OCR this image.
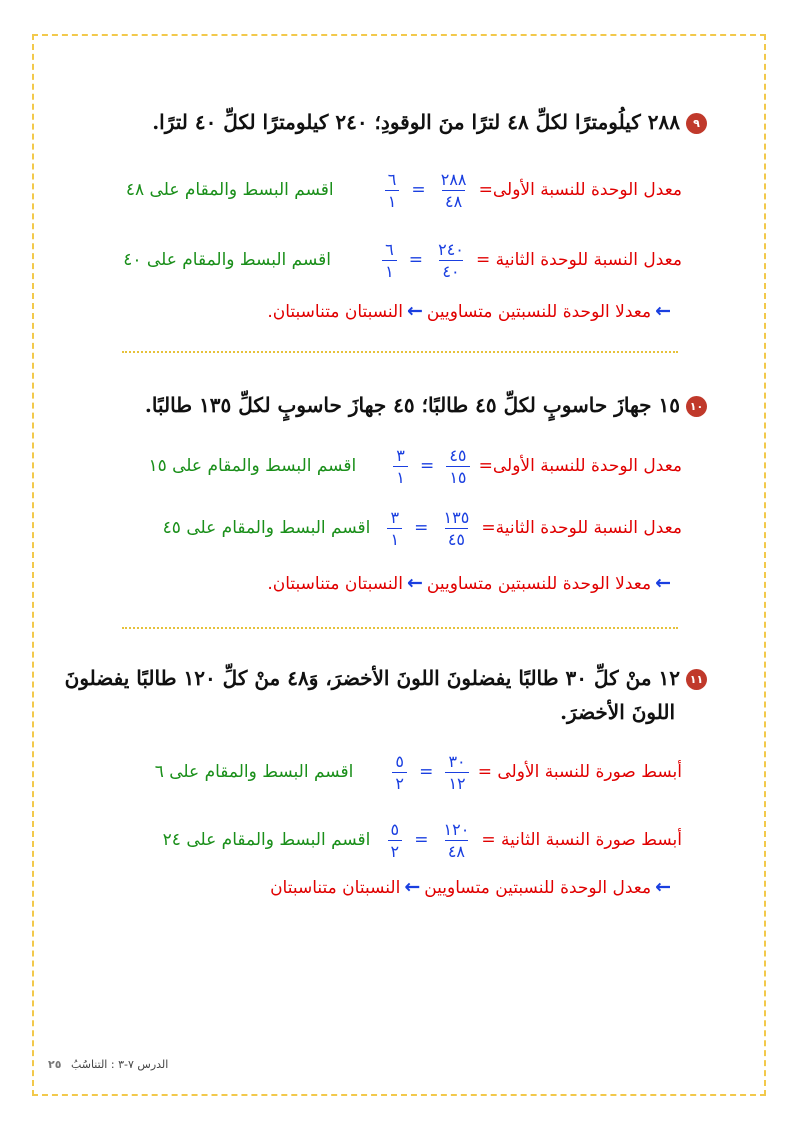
٩٢٨٨ كيلُومترًا لكلِّ ٤٨ لترًا منَ الوقودِ؛ ٢٤٠ كيلومترًا لكلِّ ٤٠ لترًا.
معدل الوحدة للنسبة الأولى=
$\frac{٢٨٨}{٤٨}$
=
$\frac{٦}{١}$
اقسم البسط والمقام على ٤٨
معدل النسبة للوحدة الثانية =
$\frac{٢٤٠}{٤٠}$
=
$\frac{٦}{١}$
اقسم البسط والمقام على ٤٠
←معدلا الوحدة للنسبتين متساويين←النسبتان متناسبتان.
١٠١٥ جهازَ حاسوبٍ لكلِّ ٤٥ طالبًا؛ ٤٥ جهازَ حاسوبٍ لكلِّ ١٣٥ طالبًا.
معدل الوحدة للنسبة الأولى=
$\frac{٤٥}{١٥}$
=
$\frac{٣}{١}$
اقسم البسط والمقام على ١٥
معدل النسبة للوحدة الثانية=
$\frac{١٣٥}{٤٥}$
=
$\frac{٣}{١}$
اقسم البسط والمقام على ٤٥
←معدلا الوحدة للنسبتين متساويين←النسبتان متناسبتان.
١١١٢ منْ كلِّ ٣٠ طالبًا يفضلونَ اللونَ الأخضرَ، وَ٤٨ منْ كلِّ ١٢٠ طالبًا يفضلونَ
اللونَ الأخضرَ.
أبسط صورة للنسبة الأولى =
$\frac{٣٠}{١٢}$
=
$\frac{٥}{٢}$
اقسم البسط والمقام على ٦
أبسط صورة النسبة الثانية =
$\frac{١٢٠}{٤٨}$
=
$\frac{٥}{٢}$
اقسم البسط والمقام على ٢٤
←معدل الوحدة للنسبتين متساويين←النسبتان متناسبتان
الدرس ٧-٣ : التناسُبُ ٢٥
